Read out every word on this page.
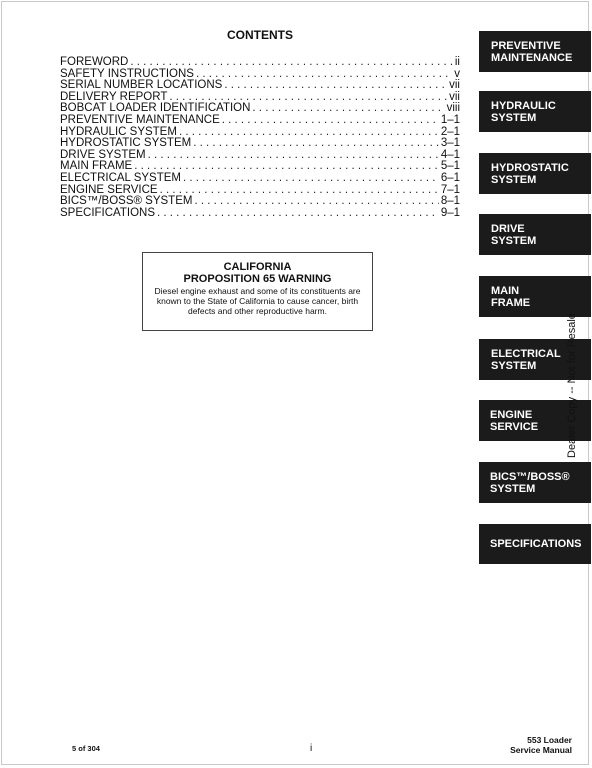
CONTENTS
FOREWORD . . .	ii
SAFETY INSTRUCTIONS . . .	v
SERIAL NUMBER LOCATIONS . . .	vii
DELIVERY REPORT . . .	vii
BOBCAT LOADER IDENTIFICATION . . .	viii
PREVENTIVE MAINTENANCE . . .	1–1
HYDRAULIC SYSTEM . . .	2–1
HYDROSTATIC SYSTEM . . .	3–1
DRIVE SYSTEM . . .	4–1
MAIN FRAME . . .	5–1
ELECTRICAL SYSTEM . . .	6–1
ENGINE SERVICE . . .	7–1
BICS™/BOSS® SYSTEM . . .	8–1
SPECIFICATIONS . . .	9–1
CALIFORNIA
PROPOSITION 65 WARNING
Diesel engine exhaust and some of its constituents are known to the State of California to cause cancer, birth defects and other reproductive harm.
PREVENTIVE
MAINTENANCE
HYDRAULIC
SYSTEM
HYDROSTATIC
SYSTEM
DRIVE
SYSTEM
MAIN
FRAME
ELECTRICAL
SYSTEM
ENGINE
SERVICE
BICS™/BOSS®
SYSTEM
SPECIFICATIONS
Dealer Copy -- Not for Resale
5 of 304	i
553 Loader
Service Manual
